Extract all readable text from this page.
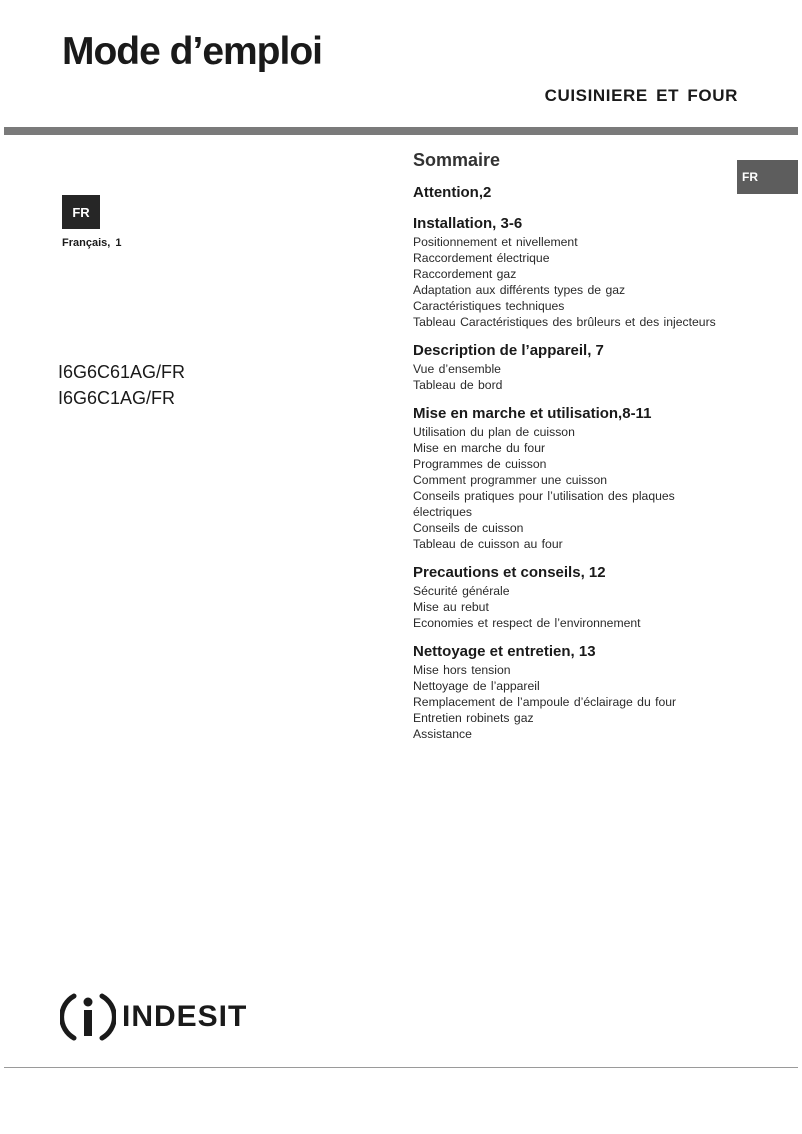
Mode d’emploi
CUISINIERE ET FOUR
FR
Français, 1
I6G6C61AG/FR
I6G6C1AG/FR
FR
Sommaire
Attention,2
Installation, 3-6
Positionnement et nivellement
Raccordement électrique
Raccordement gaz
Adaptation aux différents types de gaz
Caractéristiques techniques
Tableau Caractéristiques des brûleurs et des injecteurs
Description de l’appareil, 7
Vue d’ensemble
Tableau de bord
Mise en marche et utilisation,8-11
Utilisation du plan de cuisson
Mise en marche du four
Programmes de cuisson
Comment programmer une cuisson
Conseils pratiques pour l’utilisation des plaques électriques
Conseils de cuisson
Tableau de cuisson au four
Precautions et conseils, 12
Sécurité générale
Mise au rebut
Economies et respect de l’environnement
Nettoyage et entretien, 13
Mise hors tension
Nettoyage de l’appareil
Remplacement de l’ampoule d’éclairage du four
Entretien robinets gaz
Assistance
INDESIT
